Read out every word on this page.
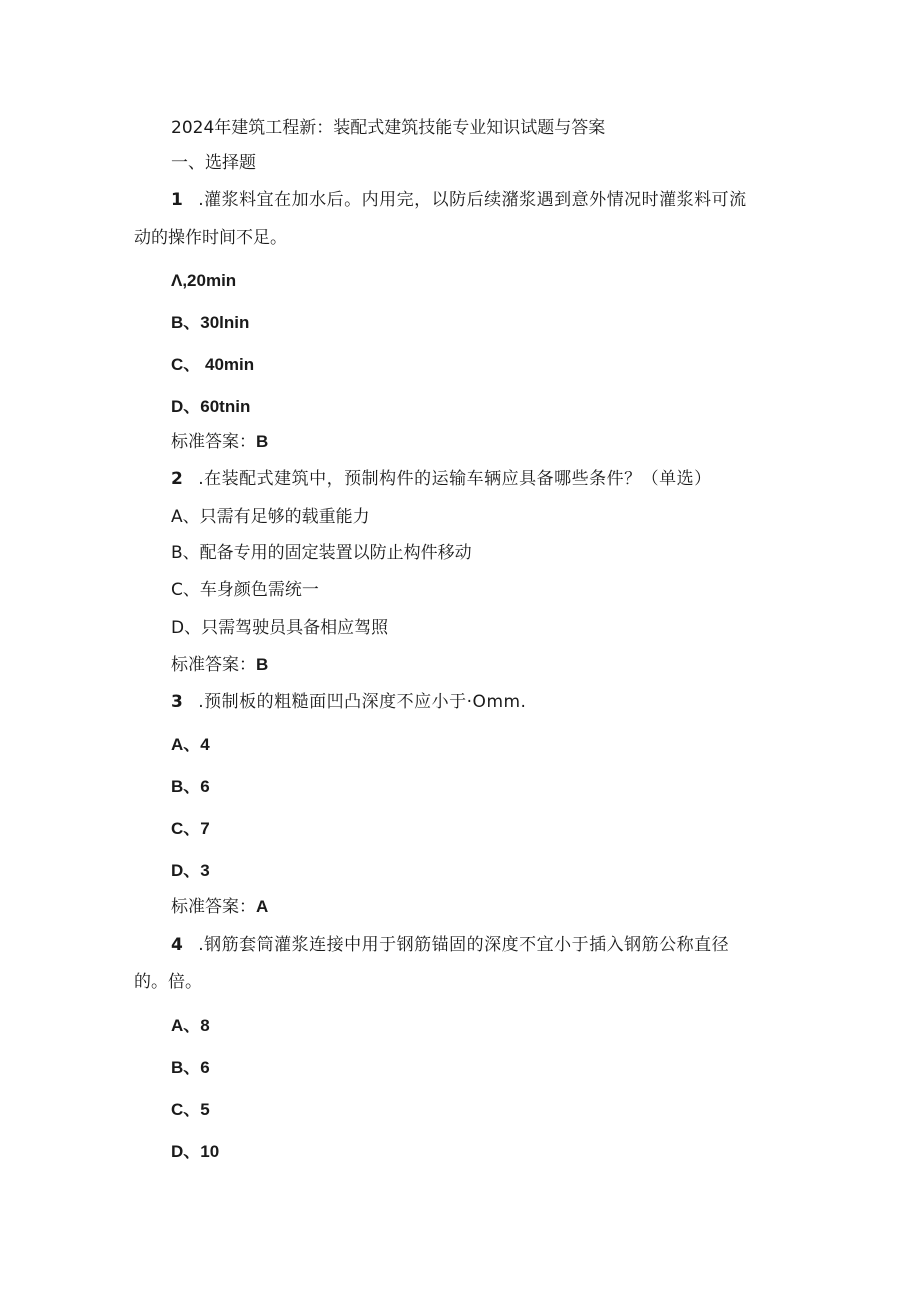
2024年建筑工程新：装配式建筑技能专业知识试题与答案
一、选择题
1 .灌浆料宜在加水后。内用完，以防后续潴浆遇到意外情况时灌浆料可流
动的操作时间不足。
Λ,20min
B、30lnin
C、 40min
D、60tnin
标准答案：B
2 .在装配式建筑中，预制构件的运输车辆应具备哪些条件？（单选）
A、只需有足够的载重能力
B、配备专用的固定装置以防止构件移动
C、车身颜色需统一
D、只需驾驶员具备相应驾照
标准答案：B
3 .预制板的粗糙面凹凸深度不应小于·Omm.
A、4
B、6
C、7
D、3
标准答案：A
4 .钢筋套筒灌浆连接中用于钢筋锚固的深度不宜小于插入钢筋公称直径
的。倍。
A、8
B、6
C、5
D、10
